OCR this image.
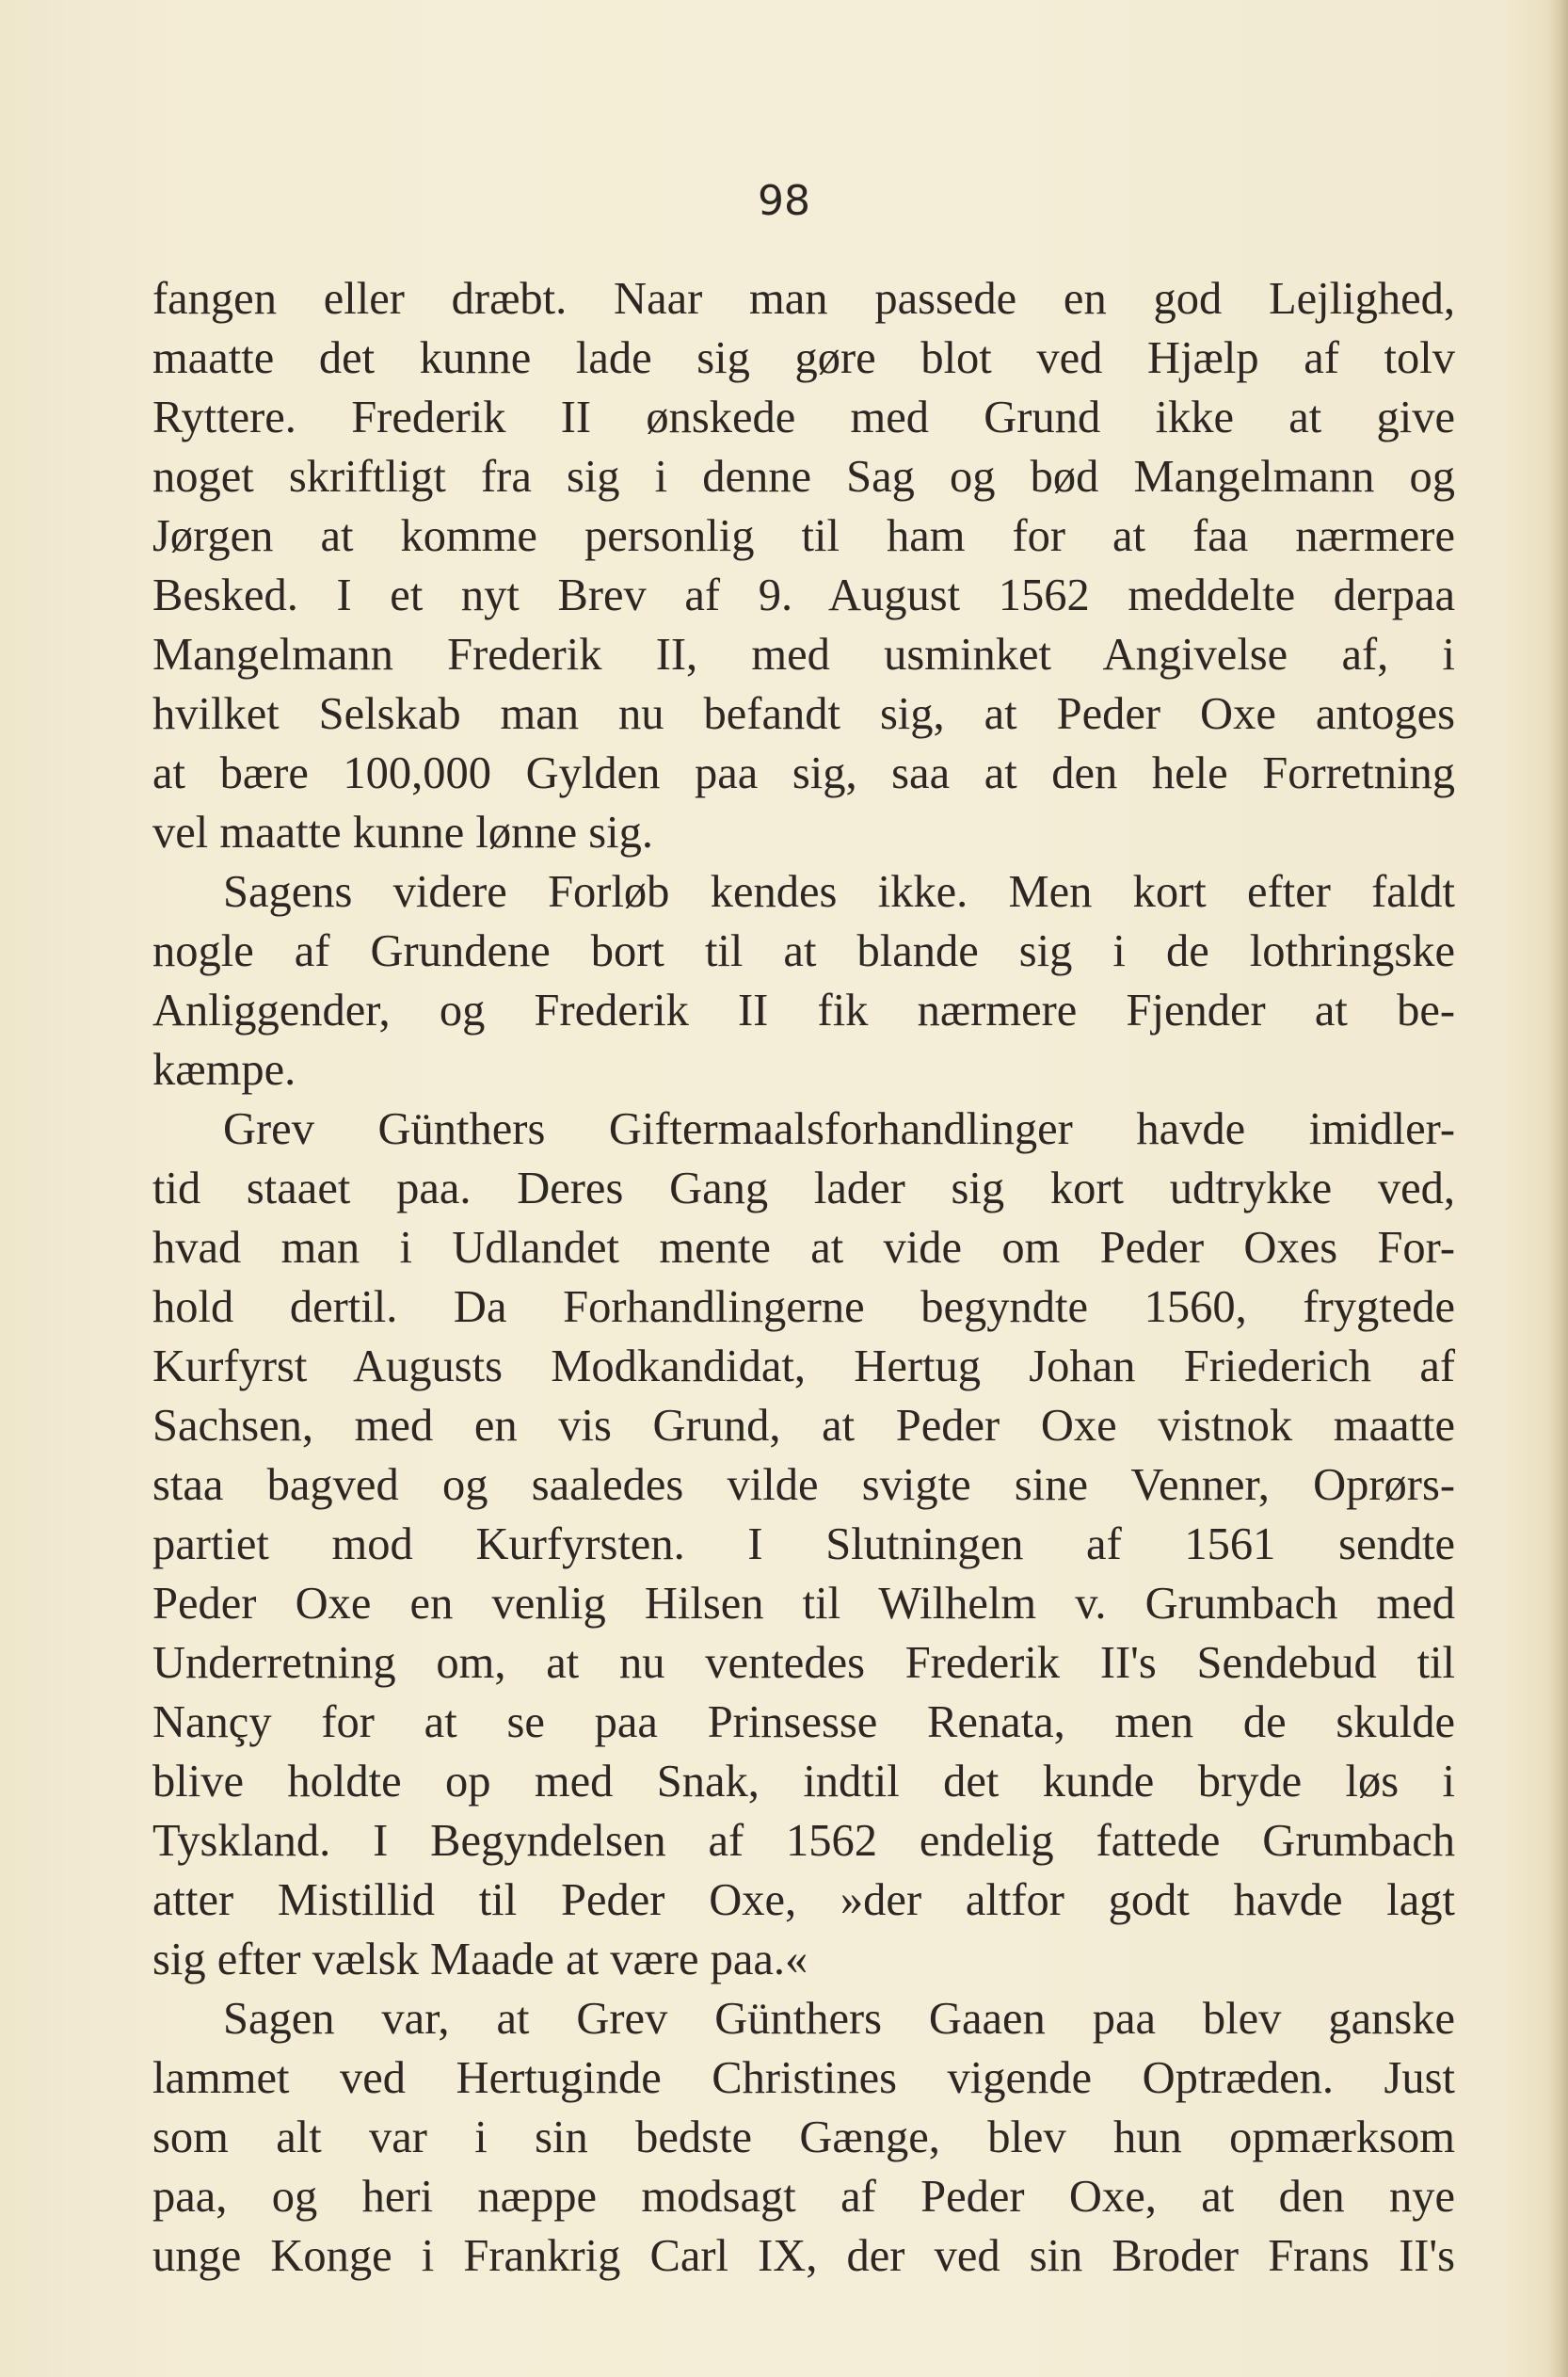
98
fangen eller dræbt. Naar man passede en god Lejlighed,
maatte det kunne lade sig gøre blot ved Hjælp af tolv
Ryttere. Frederik II ønskede med Grund ikke at give
noget skriftligt fra sig i denne Sag og bød Mangelmann og
Jørgen at komme personlig til ham for at faa nærmere
Besked. I et nyt Brev af 9. August 1562 meddelte derpaa
Mangelmann Frederik II, med usminket Angivelse af, i
hvilket Selskab man nu befandt sig, at Peder Oxe antoges
at bære 100,000 Gylden paa sig, saa at den hele Forretning
vel maatte kunne lønne sig.
Sagens videre Forløb kendes ikke. Men kort efter faldt
nogle af Grundene bort til at blande sig i de lothringske
Anliggender, og Frederik II fik nærmere Fjender at be-
kæmpe.
Grev Günthers Giftermaalsforhandlinger havde imidler-
tid staaet paa. Deres Gang lader sig kort udtrykke ved,
hvad man i Udlandet mente at vide om Peder Oxes For-
hold dertil. Da Forhandlingerne begyndte 1560, frygtede
Kurfyrst Augusts Modkandidat, Hertug Johan Friederich af
Sachsen, med en vis Grund, at Peder Oxe vistnok maatte
staa bagved og saaledes vilde svigte sine Venner, Oprørs-
partiet mod Kurfyrsten. I Slutningen af 1561 sendte
Peder Oxe en venlig Hilsen til Wilhelm v. Grumbach med
Underretning om, at nu ventedes Frederik II's Sendebud til
Nançy for at se paa Prinsesse Renata, men de skulde
blive holdte op med Snak, indtil det kunde bryde løs i
Tyskland. I Begyndelsen af 1562 endelig fattede Grumbach
atter Mistillid til Peder Oxe, »der altfor godt havde lagt
sig efter vælsk Maade at være paa.«
Sagen var, at Grev Günthers Gaaen paa blev ganske
lammet ved Hertuginde Christines vigende Optræden. Just
som alt var i sin bedste Gænge, blev hun opmærksom
paa, og heri næppe modsagt af Peder Oxe, at den nye
unge Konge i Frankrig Carl IX, der ved sin Broder Frans II's
